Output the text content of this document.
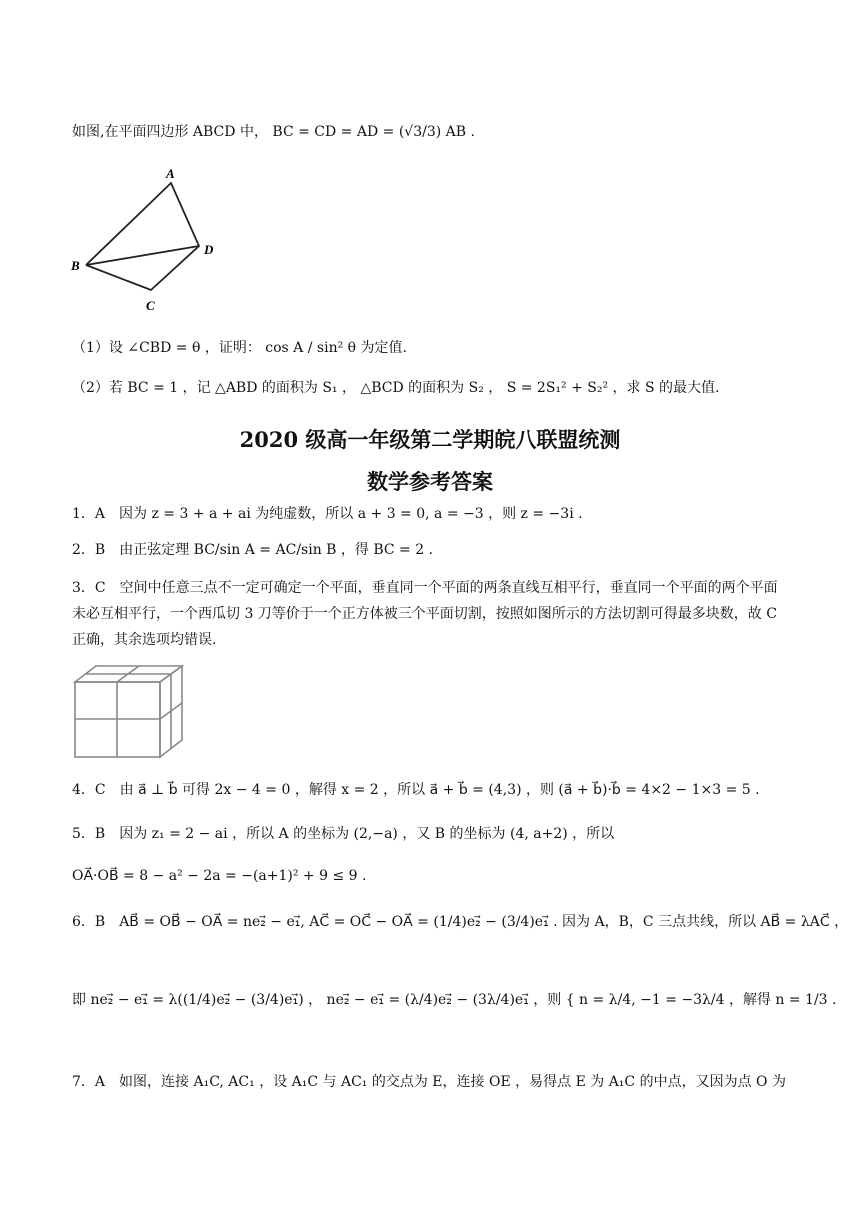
如图,在平面四边形 ABCD 中， BC = CD = AD = (√3/3) AB .
A
B
C
D
（1）设 ∠CBD = θ ，证明： cos A / sin² θ 为定值.
（2）若 BC = 1 ，记 △ABD 的面积为 S₁ ， △BCD 的面积为 S₂ ， S = 2S₁² + S₂² ，求 S 的最大值.
2020 级高一年级第二学期皖八联盟统测
数学参考答案
1．A　因为 z = 3 + a + ai 为纯虚数，所以 a + 3 = 0, a = −3 ，则 z = −3i .
2．B　由正弦定理 BC/sin A = AC/sin B ，得 BC = 2 .
3．C　空间中任意三点不一定可确定一个平面，垂直同一个平面的两条直线互相平行，垂直同一个平面的两个平面未必互相平行，一个西瓜切 3 刀等价于一个正方体被三个平面切割，按照如图所示的方法切割可得最多块数，故 C 正确，其余选项均错误.
4．C　由 a⃗ ⊥ b⃗ 可得 2x − 4 = 0 ，解得 x = 2 ，所以 a⃗ + b⃗ = (4,3) ，则 (a⃗ + b⃗)·b⃗ = 4×2 − 1×3 = 5 .
5．B　因为 z₁ = 2 − ai ，所以 A 的坐标为 (2,−a) ，又 B 的坐标为 (4, a+2) ，所以
OA⃗·OB⃗ = 8 − a² − 2a = −(a+1)² + 9 ≤ 9 .
6．B　AB⃗ = OB⃗ − OA⃗ = ne₂⃗ − e₁⃗, AC⃗ = OC⃗ − OA⃗ = (1/4)e₂⃗ − (3/4)e₁⃗ . 因为 A，B，C 三点共线，所以 AB⃗ = λAC⃗ ，
即 ne₂⃗ − e₁⃗ = λ((1/4)e₂⃗ − (3/4)e₁⃗) ， ne₂⃗ − e₁⃗ = (λ/4)e₂⃗ − (3λ/4)e₁⃗ ，则 { n = λ/4, −1 = −3λ/4 ，解得 n = 1/3 .
7．A　如图，连接 A₁C, AC₁ ，设 A₁C 与 AC₁ 的交点为 E，连接 OE ，易得点 E 为 A₁C 的中点，又因为点 O 为
